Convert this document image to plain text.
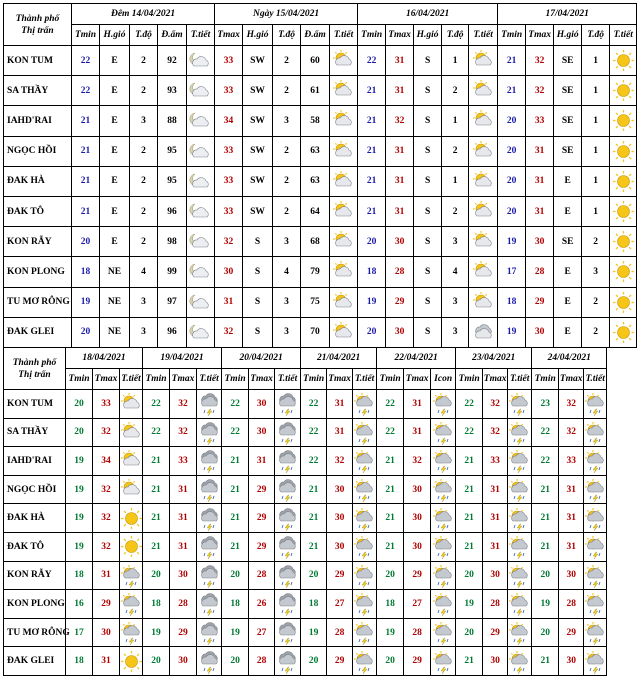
Thành phố
Thị trấn	Đêm 14/04/2021					Ngày 15/04/2021					16/04/2021					17/04/2021				
	Tmin	H.gió	T.độ	Đ.ẩm	T.tiết	Tmax	H.gió	T.độ	Đ.ẩm	T.tiết	Tmin	Tmax	H.gió	T.độ	T.tiết	Tmin	Tmax	H.gió	T.độ	T.tiết
KON TUM	22	E	2	92		33	SW	2	60		22	31	S	1		21	32	SE	1	
SA THẦY	22	E	2	93		33	SW	2	61		21	31	S	2		21	32	SE	1	
IAHD'RAI	21	E	3	88		34	SW	3	58		21	32	S	1		20	33	SE	1	
NGỌC HỒI	21	E	2	95		33	SW	2	63		21	31	S	2		20	31	SE	1	
ĐAK HÀ	21	E	2	95		33	SW	2	63		21	31	S	1		20	31	E	1	
ĐAK TÔ	21	E	2	96		33	SW	2	64		21	31	S	2		20	31	E	1	
KON RẪY	20	E	2	98		32	S	3	68		20	30	S	3		19	30	SE	2	
KON PLONG	18	NE	4	99		30	S	4	79		18	28	S	4		17	28	E	3	
TU MƠ RÔNG	19	NE	3	97		31	S	3	75		19	29	S	3		18	29	E	2	
ĐAK GLEI	20	NE	3	96		32	S	3	70		20	30	S	3		19	30	E	2	
Thành phố
Thị trấn	18/04/2021			19/04/2021			20/04/2021			21/04/2021			22/04/2021			23/04/2021			24/04/2021		
	Tmin	Tmax	T.tiết	Tmin	Tmax	T.tiết	Tmin	Tmax	T.tiết	Tmin	Tmax	T.tiết	Tmin	Tmax	Icon	Tmin	Tmax	T.tiết	Tmin	Tmax	T.tiết
KON TUM	20	33		22	32		22	30		22	31		22	31		22	32		23	32	
SA THẦY	20	32		22	32		22	30		22	31		22	31		22	32		22	32	
IAHD'RAI	19	34		21	33		21	31		22	32		21	32		21	33		22	33	
NGỌC HỒI	19	32		21	31		21	29		21	30		21	30		21	31		21	31	
ĐAK HÀ	19	32		21	31		21	29		21	30		21	30		21	31		21	31	
ĐAK TÔ	19	32		21	31		21	29		21	30		21	30		21	31		21	31	
KON RẪY	18	31		20	30		20	28		20	29		20	29		20	30		20	30	
KON PLONG	16	29		18	28		18	26		18	27		18	27		19	28		19	28	
TU MƠ RÔNG	17	30		19	29		19	27		19	28		19	28		20	29		20	29	
ĐAK GLEI	18	31		20	30		20	28		20	29		20	29		21	30		21	30	
